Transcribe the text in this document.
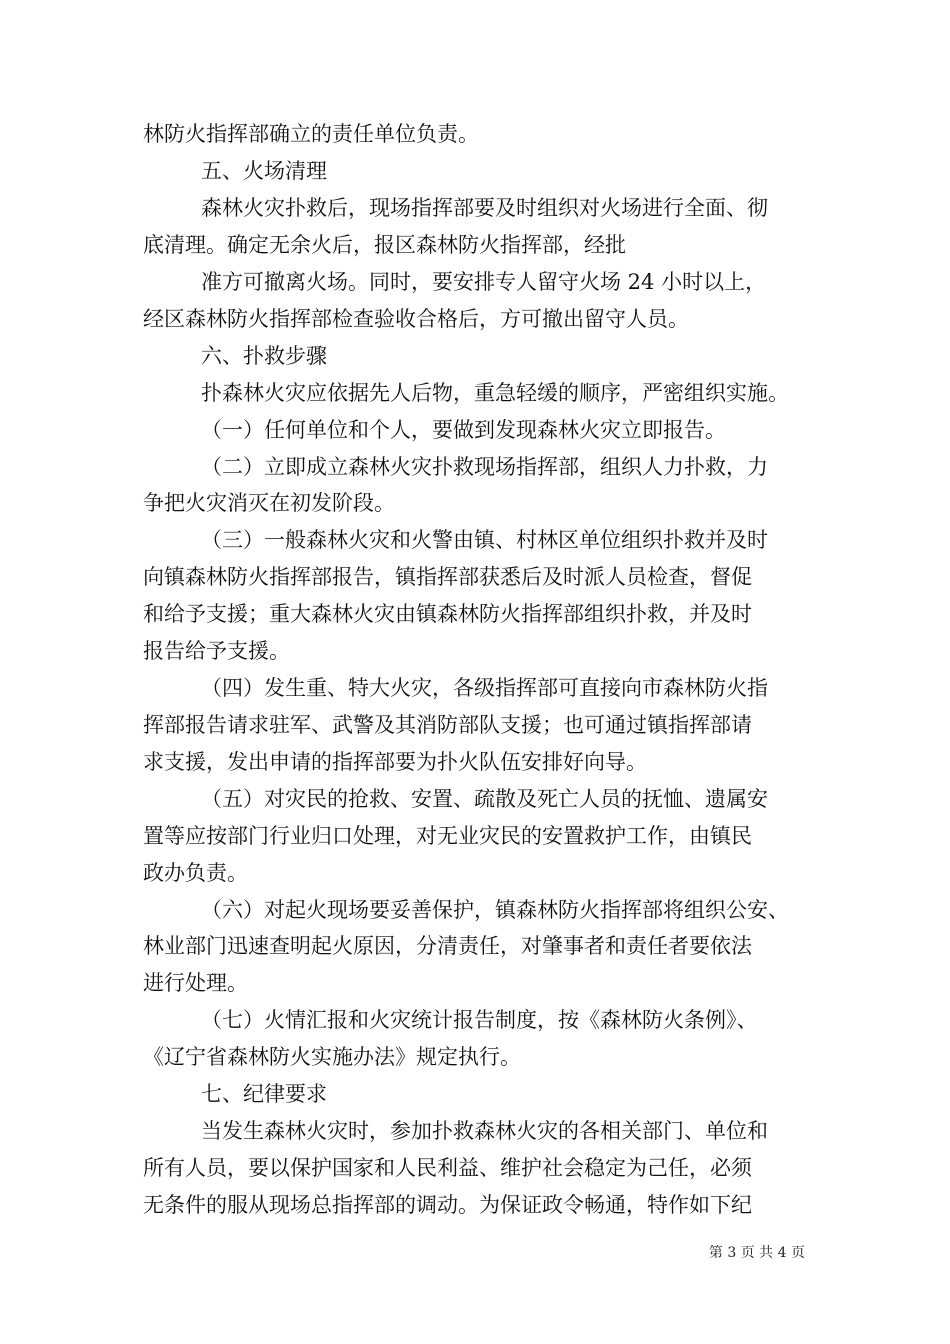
林防火指挥部确立的责任单位负责。
五、火场清理
森林火灾扑救后，现场指挥部要及时组织对火场进行全面、彻
底清理。确定无余火后，报区森林防火指挥部，经批
准方可撤离火场。同时，要安排专人留守火场 24 小时以上，
经区森林防火指挥部检查验收合格后，方可撤出留守人员。
六、扑救步骤
扑森林火灾应依据先人后物，重急轻缓的顺序，严密组织实施。
（一）任何单位和个人，要做到发现森林火灾立即报告。
（二）立即成立森林火灾扑救现场指挥部，组织人力扑救，力
争把火灾消灭在初发阶段。
（三）一般森林火灾和火警由镇、村林区单位组织扑救并及时
向镇森林防火指挥部报告，镇指挥部获悉后及时派人员检查，督促
和给予支援；重大森林火灾由镇森林防火指挥部组织扑救，并及时
报告给予支援。
（四）发生重、特大火灾，各级指挥部可直接向市森林防火指
挥部报告请求驻军、武警及其消防部队支援；也可通过镇指挥部请
求支援，发出申请的指挥部要为扑火队伍安排好向导。
（五）对灾民的抢救、安置、疏散及死亡人员的抚恤、遗属安
置等应按部门行业归口处理，对无业灾民的安置救护工作，由镇民
政办负责。
（六）对起火现场要妥善保护，镇森林防火指挥部将组织公安、
林业部门迅速查明起火原因，分清责任，对肇事者和责任者要依法
进行处理。
（七）火情汇报和火灾统计报告制度，按《森林防火条例》、
《辽宁省森林防火实施办法》规定执行。
七、纪律要求
当发生森林火灾时，参加扑救森林火灾的各相关部门、单位和
所有人员，要以保护国家和人民利益、维护社会稳定为己任，必须
无条件的服从现场总指挥部的调动。为保证政令畅通，特作如下纪
第 3 页 共 4 页
